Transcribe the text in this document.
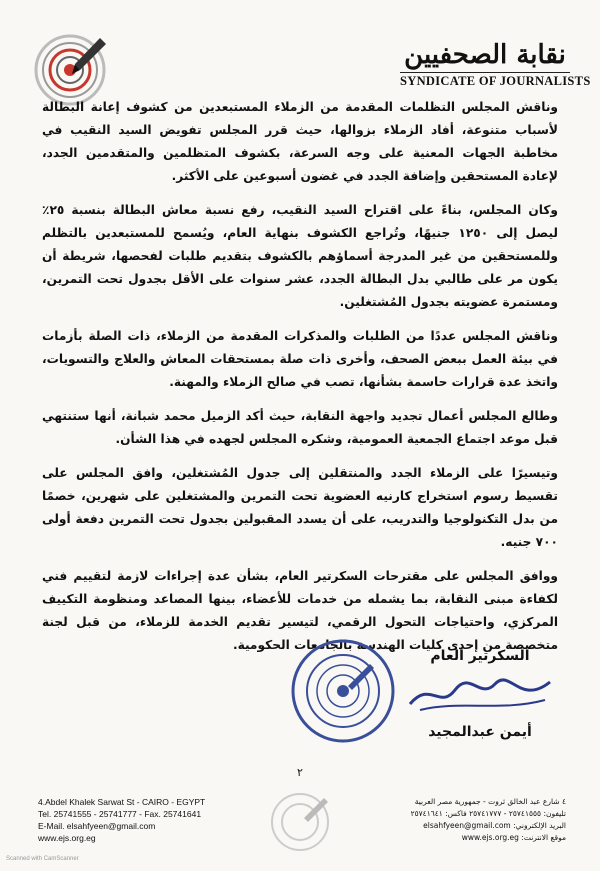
نقابة الصحفيين
SYNDICATE OF JOURNALISTS

وناقش المجلس التظلمات المقدمة من الزملاء المستبعدين من كشوف إعانة البطالة لأسباب متنوعة، أفاد الزملاء بزوالها، حيث قرر المجلس تفويض السيد النقيب في مخاطبة الجهات المعنية على وجه السرعة، بكشوف المتظلمين والمتقدمين الجدد، لإعادة المستحقين وإضافة الجدد في غضون أسبوعين على الأكثر.

وكان المجلس، بناءً على اقتراح السيد النقيب، رفع نسبة معاش البطالة بنسبة ٢٥٪ ليصل إلى ١٢٥٠ جنيهًا، وتُراجع الكشوف بنهاية العام، ويُسمح للمستبعدين بالتظلم وللمستحقين من غير المدرجة أسماؤهم بالكشوف بتقديم طلبات لفحصها، شريطة أن يكون مر على طالبي بدل البطالة الجدد، عشر سنوات على الأقل بجدول تحت التمرين، ومستمرة عضويته بجدول المُشتغلين.

وناقش المجلس عددًا من الطلبات والمذكرات المقدمة من الزملاء، ذات الصلة بأزمات في بيئة العمل ببعض الصحف، وأخرى ذات صلة بمستحقات المعاش والعلاج والتسويات، واتخذ عدة قرارات حاسمة بشأنها، تصب في صالح الزملاء والمهنة.

وطالع المجلس أعمال تجديد واجهة النقابة، حيث أكد الزميل محمد شبانة، أنها ستنتهي قبل موعد اجتماع الجمعية العمومية، وشكره المجلس لجهده في هذا الشأن.

وتيسيرًا على الزملاء الجدد والمنتقلين إلى جدول المُشتغلين، وافق المجلس على تقسيط رسوم استخراج كارنيه العضوية تحت التمرين والمشتغلين على شهرين، خصمًا من بدل التكنولوجيا والتدريب، على أن يسدد المقبولين بجدول تحت التمرين دفعة أولى ٧٠٠ جنيه.

ووافق المجلس على مقترحات السكرتير العام، بشأن عدة إجراءات لازمة لتقييم فني لكفاءة مبنى النقابة، بما يشمله من خدمات للأعضاء، بينها المصاعد ومنظومة التكييف المركزي، واحتياجات التحول الرقمي، لتيسير تقديم الخدمة للزملاء، من قبل لجنة متخصصة من إحدى كليات الهندسة بالجامعات الحكومية.

السكرتير العام
أيمن عبدالمجيد
٢
4.Abdel Khalek Sarwat St - CAIRO - EGYPT
Tel. 25741555 - 25741777 - Fax. 25741641
E-Mail. elsahfyeen@gmail.com
www.ejs.org.eg
٤ شارع عبد الخالق ثروت - جمهورية مصر العربية
تليفون: ٢٥٧٤١٥٥٥ - ٢٥٧٤١٧٧٧ فاكس: ٢٥٧٤١٦٤١
البريد الإلكتروني: elsahfyeen@gmail.com
موقع الانترنت: www.ejs.org.eg
Scanned with CamScanner
